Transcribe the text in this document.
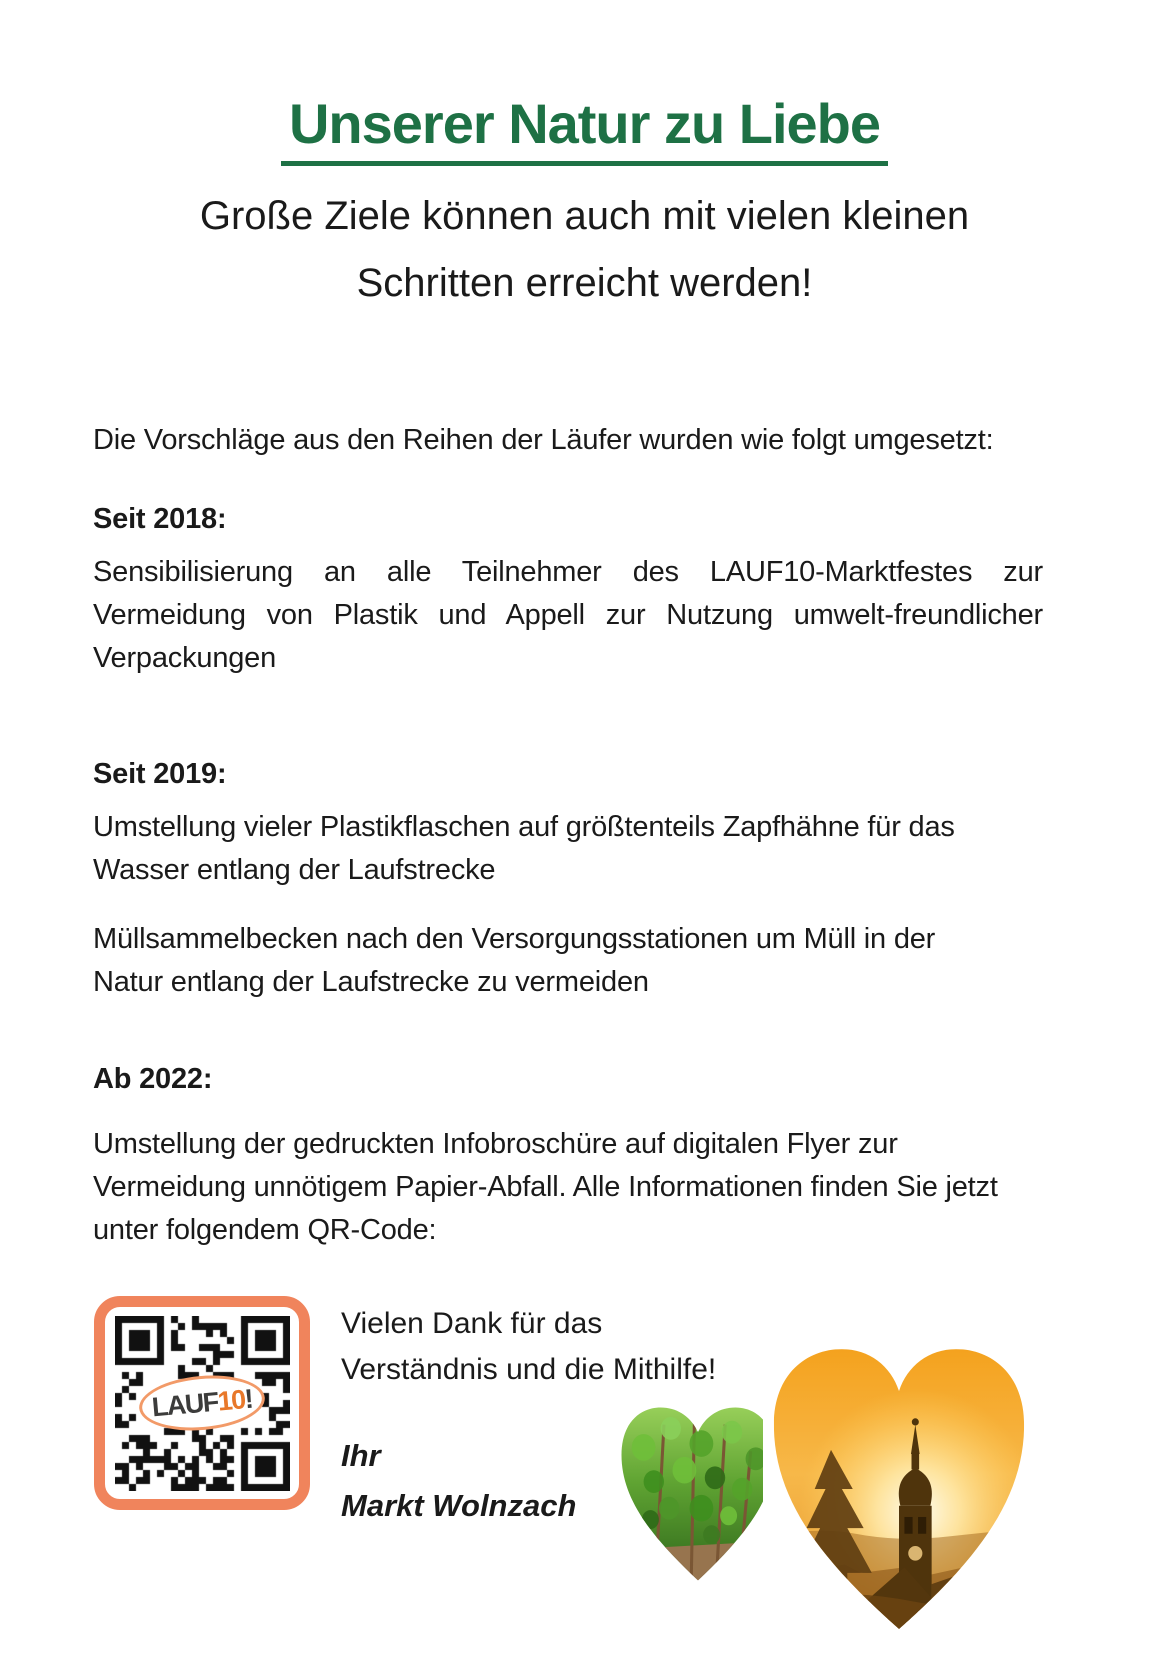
Unserer Natur zu Liebe
Große Ziele können auch mit vielen kleinen
Schritten erreicht werden!

Die Vorschläge aus den Reihen der Läufer wurden wie folgt umgesetzt:

Seit 2018:

Sensibilisierung an alle Teilnehmer des LAUF10-Marktfestes zur Vermeidung von Plastik und Appell zur Nutzung umwelt-freundlicher Verpackungen

Seit 2019:

Umstellung vieler Plastikflaschen auf größtenteils Zapfhähne für das Wasser entlang der Laufstrecke

Müllsammelbecken nach den Versorgungsstationen um Müll in der Natur entlang der Laufstrecke zu vermeiden

Ab 2022:

Umstellung der gedruckten Infobroschüre auf digitalen Flyer zur Vermeidung unnötigem Papier-Abfall. Alle Informationen finden Sie jetzt unter folgendem QR-Code:

LAUF
10
!
Vielen Dank für das
Verständnis und die Mithilfe!
Ihr
Markt Wolnzach
